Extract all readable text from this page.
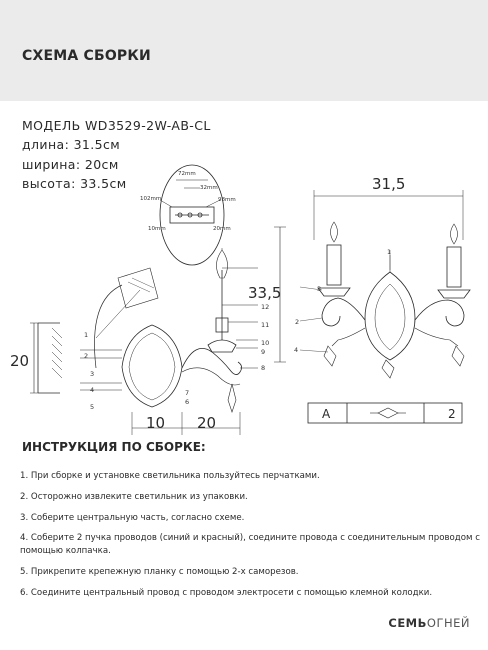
СХЕМА СБОРКИ
МОДЕЛЬ WD3529-2W-AB-CL
длина: 31.5см
ширина: 20см
высота: 33.5см
72mm
32mm
102mm	98mm
10mm	20mm
31,5
33,5
20
10 20
1
2
3
4
5
6
7
8
9
10
11
12
1
2
3
4
A	2
ИНСТРУКЦИЯ ПО СБОРКЕ:
1. При сборке и установке светильника пользуйтесь перчатками.
2. Осторожно извлеките светильник из упаковки.
3. Соберите центральную часть, согласно схеме.
4. Соберите 2 пучка проводов (синий и красный), соедините провода с соединительным проводом с помощью колпачка.
5. Прикрепите крепежную планку с помощью 2-х саморезов.
6. Соедините центральный провод с проводом электросети с помощью клемной колодки.
СЕМЬОГНЕЙ
